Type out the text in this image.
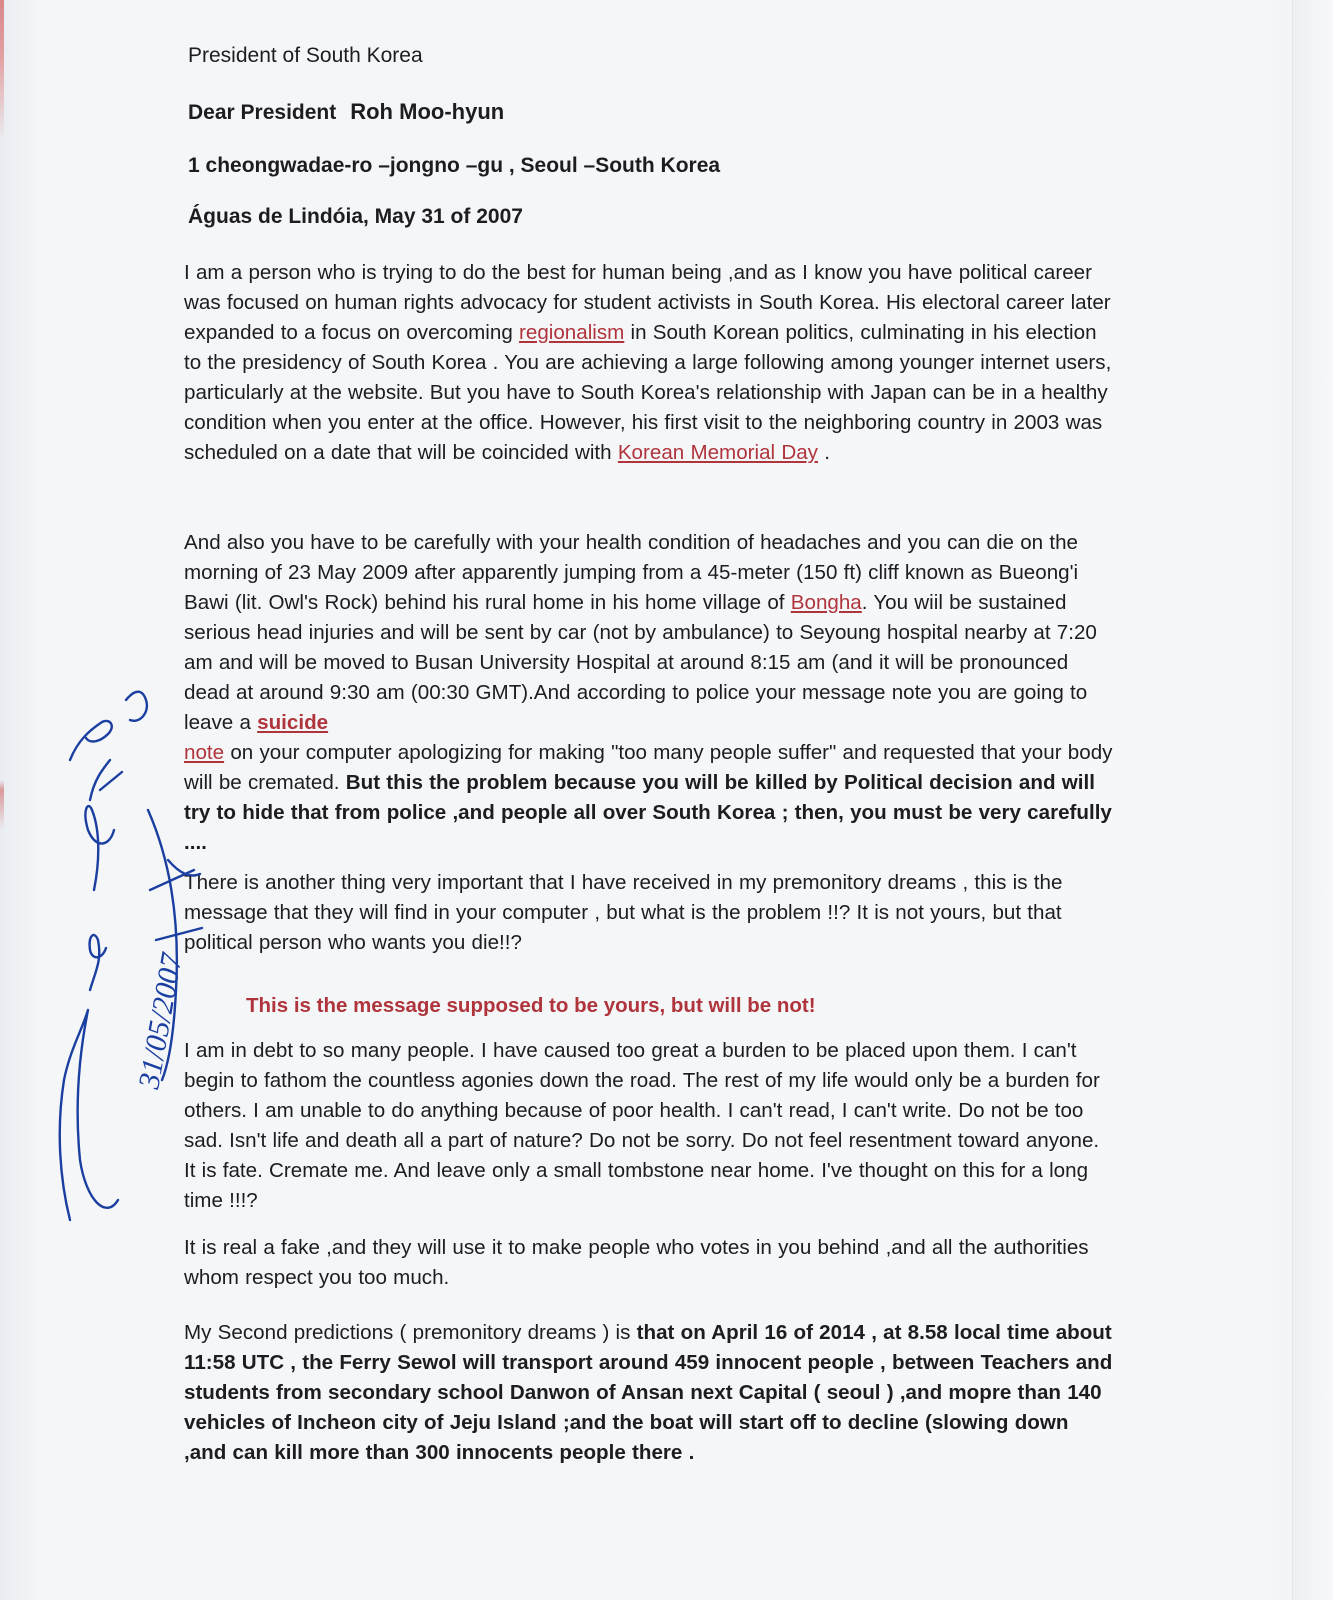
President of South Korea
Dear President Roh Moo-hyun
1 cheongwadae-ro –jongno –gu , Seoul –South Korea
Águas de Lindóia, May 31 of 2007

I am a person who is trying to do the best for human being ,and as I know you have political career was focused on human rights advocacy for student activists in South Korea. His electoral career later expanded to a focus on overcoming regionalism in South Korean politics, culminating in his election to the presidency of South Korea . You are achieving a large following among younger internet users, particularly at the website. But you have to South Korea's relationship with Japan can be in a healthy condition when you enter at the office. However, his first visit to the neighboring country in 2003 was scheduled on a date that will be coincided with Korean Memorial Day .

And also you have to be carefully with your health condition of headaches and you can die on the morning of 23 May 2009 after apparently jumping from a 45-meter (150 ft) cliff known as Bueong'i Bawi (lit. Owl's Rock) behind his rural home in his home village of Bongha. You wiil be sustained serious head injuries and will be sent by car (not by ambulance) to Seyoung hospital nearby at 7:20 am and will be moved to Busan University Hospital at around 8:15 am (and it will be pronounced dead at around 9:30 am (00:30 GMT).And according to police your message note you are going to leave a suicide
note on your computer apologizing for making "too many people suffer" and requested that your body will be cremated. But this the problem because you will be killed by Political decision and will try to hide that from police ,and people all over South Korea ; then, you must be very carefully ....

There is another thing very important that I have received in my premonitory dreams , this is the message that they will find in your computer , but what is the problem !!? It is not yours, but that political person who wants you die!!?

This is the message supposed to be yours, but will be not!

I am in debt to so many people. I have caused too great a burden to be placed upon them. I can't begin to fathom the countless agonies down the road. The rest of my life would only be a burden for others. I am unable to do anything because of poor health. I can't read, I can't write. Do not be too sad. Isn't life and death all a part of nature? Do not be sorry. Do not feel resentment toward anyone. It is fate. Cremate me. And leave only a small tombstone near home. I've thought on this for a long time !!!?

It is real a fake ,and they will use it to make people who votes in you behind ,and all the authorities whom respect you too much.

My Second predictions ( premonitory dreams ) is that on April 16 of 2014 , at 8.58 local time about 11:58 UTC , the Ferry Sewol will transport around 459 innocent people , between Teachers and students from secondary school Danwon of Ansan next Capital ( seoul ) ,and mopre than 140 vehicles of Incheon city of Jeju Island ;and the boat will start off to decline (slowing down ,and can kill more than 300 innocents people there .

31/05/2007
